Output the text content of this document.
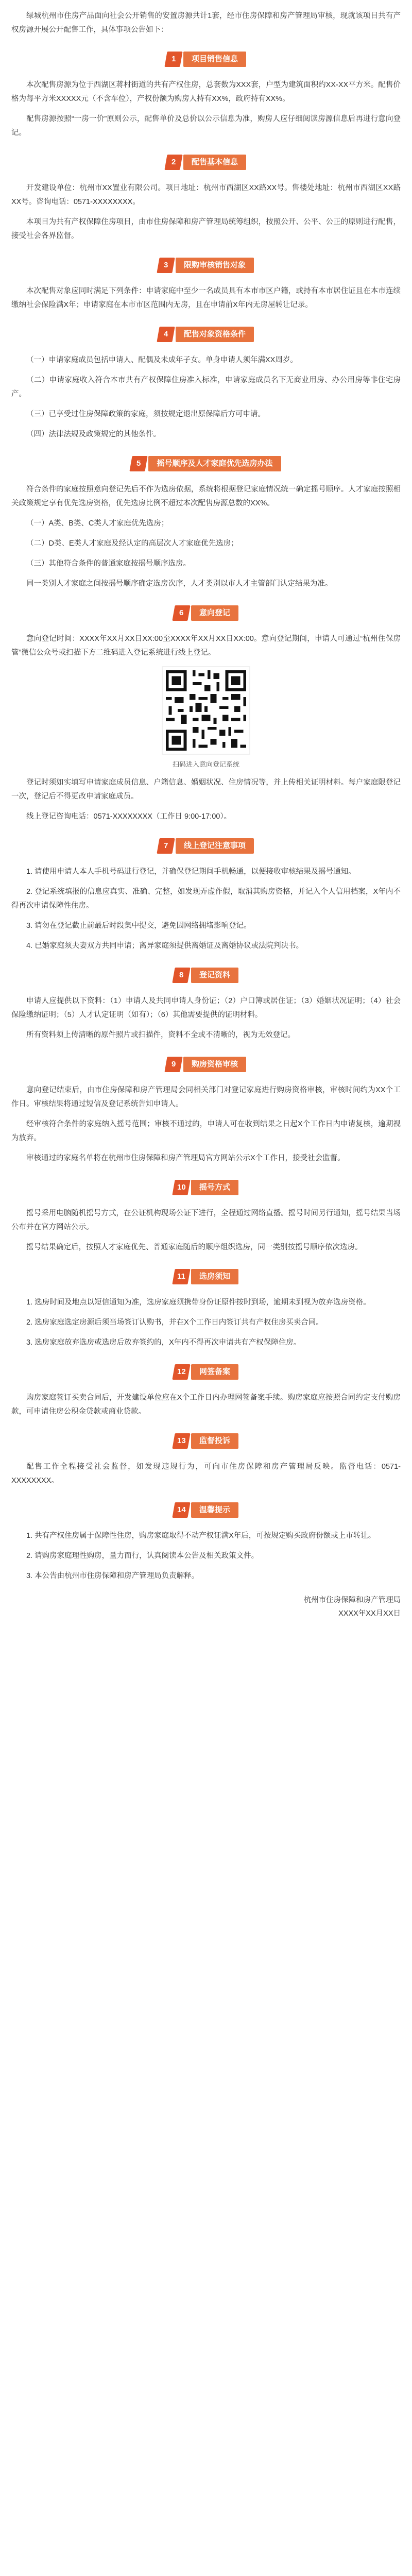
绿城杭州市住房产品面向社会公开销售的安置房源共计1套，经市住房保障和房产管理局审核，现就该项目共有产权房源开展公开配售工作，具体事项公告如下：

1	项目销售信息

本次配售房源为位于西湖区蒋村街道的共有产权住房，总套数为XXX套，户型为建筑面积约XX-XX平方米。配售价格为每平方米XXXXX元（不含车位），产权份额为购房人持有XX%，政府持有XX%。

配售房源按照“一房一价”原则公示，配售单价及总价以公示信息为准，购房人应仔细阅读房源信息后再进行意向登记。

2	配售基本信息

开发建设单位：杭州市XX置业有限公司。项目地址：杭州市西湖区XX路XX号。售楼处地址：杭州市西湖区XX路XX号。咨询电话：0571-XXXXXXXX。

本项目为共有产权保障住房项目，由市住房保障和房产管理局统筹组织，按照公开、公平、公正的原则进行配售，接受社会各界监督。

3	限购审核销售对象

本次配售对象应同时满足下列条件：申请家庭中至少一名成员具有本市市区户籍，或持有本市居住证且在本市连续缴纳社会保险满X年；申请家庭在本市市区范围内无房，且在申请前X年内无房屋转让记录。

4	配售对象资格条件

（一）申请家庭成员包括申请人、配偶及未成年子女。单身申请人须年满XX周岁。

（二）申请家庭收入符合本市共有产权保障住房准入标准，申请家庭成员名下无商业用房、办公用房等非住宅房产。

（三）已享受过住房保障政策的家庭，须按规定退出原保障后方可申请。

（四）法律法规及政策规定的其他条件。

5	摇号顺序及人才家庭优先选房办法

符合条件的家庭按照意向登记先后不作为选房依据，系统将根据登记家庭情况统一确定摇号顺序。人才家庭按照相关政策规定享有优先选房资格，优先选房比例不超过本次配售房源总数的XX%。

（一）A类、B类、C类人才家庭优先选房；

（二）D类、E类人才家庭及经认定的高层次人才家庭优先选房；

（三）其他符合条件的普通家庭按摇号顺序选房。

同一类别人才家庭之间按摇号顺序确定选房次序，人才类别以市人才主管部门认定结果为准。

6	意向登记

意向登记时间：XXXX年XX月XX日XX:00至XXXX年XX月XX日XX:00。意向登记期间，申请人可通过“杭州住保房管”微信公众号或扫描下方二维码进入登记系统进行线上登记。

扫码进入意向登记系统

登记时须如实填写申请家庭成员信息、户籍信息、婚姻状况、住房情况等，并上传相关证明材料。每户家庭限登记一次，登记后不得更改申请家庭成员。

线上登记咨询电话：0571-XXXXXXXX（工作日 9:00-17:00）。

7	线上登记注意事项

1. 请使用申请人本人手机号码进行登记，并确保登记期间手机畅通，以便接收审核结果及摇号通知。

2. 登记系统填报的信息应真实、准确、完整，如发现弄虚作假，取消其购房资格，并记入个人信用档案，X年内不得再次申请保障性住房。

3. 请勿在登记截止前最后时段集中提交，避免因网络拥堵影响登记。

4. 已婚家庭须夫妻双方共同申请；离异家庭须提供离婚证及离婚协议或法院判决书。

8	登记资料

申请人应提供以下资料：（1）申请人及共同申请人身份证；（2）户口簿或居住证；（3）婚姻状况证明；（4）社会保险缴纳证明；（5）人才认定证明（如有）；（6）其他需要提供的证明材料。

所有资料须上传清晰的原件照片或扫描件，资料不全或不清晰的，视为无效登记。

9	购房资格审核

意向登记结束后，由市住房保障和房产管理局会同相关部门对登记家庭进行购房资格审核，审核时间约为XX个工作日。审核结果将通过短信及登记系统告知申请人。

经审核符合条件的家庭纳入摇号范围；审核不通过的，申请人可在收到结果之日起X个工作日内申请复核，逾期视为放弃。

审核通过的家庭名单将在杭州市住房保障和房产管理局官方网站公示X个工作日，接受社会监督。

10	摇号方式

摇号采用电脑随机摇号方式，在公证机构现场公证下进行，全程通过网络直播。摇号时间另行通知，摇号结果当场公布并在官方网站公示。

摇号结果确定后，按照人才家庭优先、普通家庭随后的顺序组织选房，同一类别按摇号顺序依次选房。

11	选房须知

1. 选房时间及地点以短信通知为准，选房家庭须携带身份证原件按时到场，逾期未到视为放弃选房资格。

2. 选房家庭选定房源后须当场签订认购书，并在X个工作日内签订共有产权住房买卖合同。

3. 选房家庭放弃选房或选房后放弃签约的，X年内不得再次申请共有产权保障住房。

12	网签备案

购房家庭签订买卖合同后，开发建设单位应在X个工作日内办理网签备案手续。购房家庭应按照合同约定支付购房款，可申请住房公积金贷款或商业贷款。

13	监督投诉

配售工作全程接受社会监督，如发现违规行为，可向市住房保障和房产管理局反映。监督电话：0571-XXXXXXXX。

14	温馨提示

1. 共有产权住房属于保障性住房，购房家庭取得不动产权证满X年后，可按规定购买政府份额或上市转让。

2. 请购房家庭理性购房，量力而行，认真阅读本公告及相关政策文件。

3. 本公告由杭州市住房保障和房产管理局负责解释。

杭州市住房保障和房产管理局
XXXX年XX月XX日
